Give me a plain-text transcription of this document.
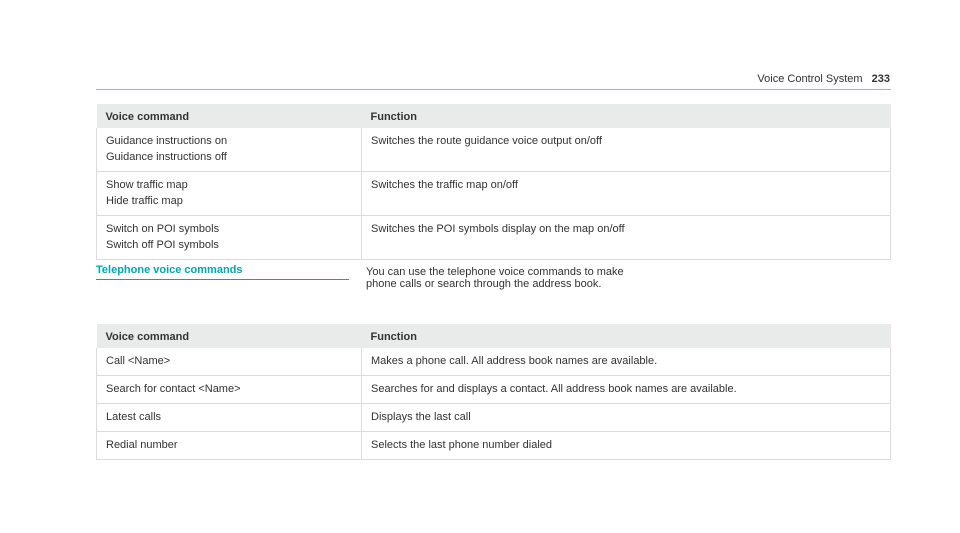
Voice Control System 233
Voice command	Function

Guidance instructions on
Guidance instructions off	Switches the route guidance voice output on/off

Show traffic map
Hide traffic map	Switches the traffic map on/off

Switch on POI symbols
Switch off POI symbols	Switches the POI symbols display on the map on/off
Telephone voice commands	You can use the telephone voice commands to make phone calls or search through the address book.
Voice command	Function
Call <Name>	Makes a phone call. All address book names are available.
Search for contact <Name>	Searches for and displays a contact. All address book names are available.
Latest calls	Displays the last call
Redial number	Selects the last phone number dialed
